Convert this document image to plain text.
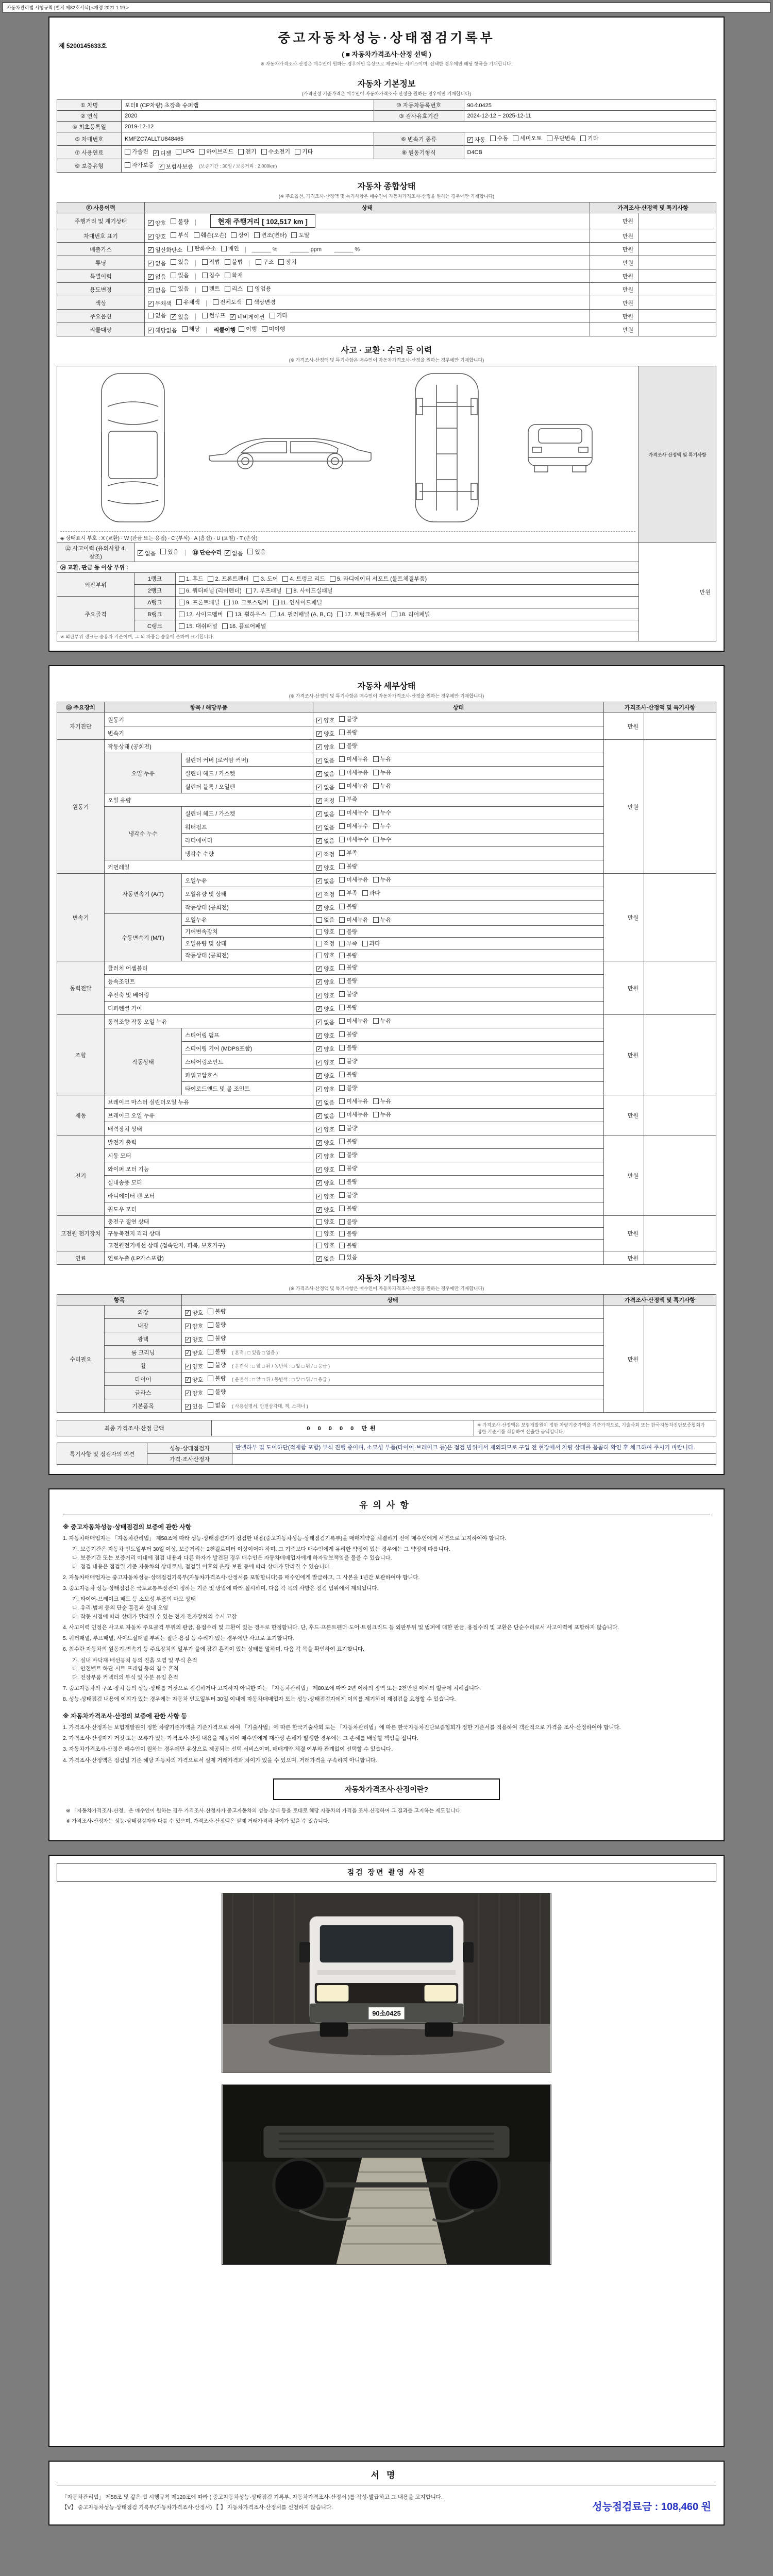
자동차관리법 시행규칙 [별지 제82호서식] <개정 2021.1.19.>
제 5200145633호
중고자동차성능·상태점검기록부
( ■ 자동차가격조사·산정 선택 )
※ 자동차가격조사·산정은 매수인이 원하는 경우에만 유상으로 제공되는 서비스이며, 선택한 경우에만 해당 항목을 기재합니다.
자동차 기본정보
(가격산정 기준가격은 매수인이 자동차가격조사·산정을 원하는 경우에만 기재합니다)
① 차명	포터Ⅱ (CP차량) 초장축 슈퍼캡	⑩ 자동차등록번호	90소0425
② 연식	2020	③ 검사유효기간	2024-12-12 ~ 2025-12-11
④ 최초등록일	2019-12-12		
⑤ 차대번호	KMFZC7ALLTU848465	⑥ 변속기 종류	✓ 자동 수동 세미오토 무단변속 기타

⑦ 사용연료	가솔린 ✓ 디젤 LPG 하이브리드 전기 수소전기 기타	⑧ 원동기형식	D4CB
⑨ 보증유형	자가보증 ✓ 보험사보증 (보증기간 : 30일 / 보증거리 : 2,000km)		
자동차 종합상태
(※ 주요옵션, 가격조사·산정액 및 특기사항은 매수인이 자동차가격조사·산정을 원하는 경우에만 기재합니다)
⑪ 사용이력	상태	가격조사·산정액 및 특기사항	
주행거리 및 계기상태	✓ 양호 불량 현재 주행거리 [ 102,517 km ]	만원	
차대번호 표기	✓ 양호 부식 훼손(오손) 상이 변조(변타) 도말	만원	
배출가스	✓ 일산화탄소 탄화수소 매연 ______ %        ______ ppm        ______ %	만원	
튜닝	✓ 없음 있음	적법 불법	구조 장치	만원	
특별이력	✓ 없음 있음 침수 화재	만원	
용도변경	✓ 없음 있음	렌트 리스 영업용	만원	
색상	✓ 무채색 유채색 전체도색 색상변경	만원	
주요옵션	없음 ✓ 있음	썬루프 ✓ 네비게이션 기타	만원	
리콜대상	✓ 해당없음 해당 리콜이행 이행 미이행	만원	
사고 · 교환 · 수리 등 이력
(※ 가격조사·산정액 및 특기사항은 매수인이 자동차가격조사·산정을 원하는 경우에만 기재합니다)
◈ 상태표시 부호 : X (교환) · W (판금 또는 용접) · C (부식) · A (흠집) · U (요철) · T (손상)			가격조사·산정액 및 특기사항
⑫ 사고이력 (유의사항 4. 참조)	
✓ 없음 있음 ⑬ 단순수리 ✓ 없음 있음
	만원
⑭ 교환, 판금 등 이상 부위 :			
외판부위	1랭크	1. 후드 2. 프론트펜더 3. 도어 4. 트렁크 리드 5. 라디에이터 서포트 (볼트체결부품)	

	2랭크	6. 쿼터패널 (리어펜더) 7. 루프패널 8. 사이드실패널	

주요골격	A랭크	9. 프론트패널 10. 크로스멤버 11. 인사이드패널	

	B랭크	12. 사이드멤버 13. 휠하우스 14. 필러패널 (A, B, C) 17. 트렁크플로어 18. 리어패널	

	C랭크	15. 대쉬패널 16. 플로어패널	

※ 외판부위 랭크는 승용차 기준이며, 그 외 차종은 승용에 준하여 표기합니다.			
자동차 세부상태
(※ 가격조사·산정액 및 특기사항은 매수인이 자동차가격조사·산정을 원하는 경우에만 기재합니다)
⑮ 주요장치	항목 / 해당부품		상태	가격조사·산정액 및 특기사항	
자기진단	원동기		✓ 양호 불량	만원	
	변속기		✓ 양호 불량		

원동기	작동상태 (공회전)		✓ 양호 불량	만원	
	오일 누유	실린더 커버 (로커암 커버)	✓ 없음 미세누유 누유		

		실린더 헤드 / 가스켓	✓ 없음 미세누유 누유		

		실린더 블록 / 오일팬	✓ 없음 미세누유 누유		

	오일 유량		✓ 적정 부족		

	냉각수 누수	실린더 헤드 / 가스켓	✓ 없음 미세누수 누수		

		워터펌프	✓ 없음 미세누수 누수		

		라디에이터	✓ 없음 미세누수 누수		

		냉각수 수량	✓ 적정 부족		

	커먼레일		✓ 양호 불량		

변속기	자동변속기 (A/T)	오일누유	✓ 없음 미세누유 누유	만원	
		오일유량 및 상태	✓ 적정 부족 과다		

		작동상태 (공회전)	✓ 양호 불량		

	수동변속기 (M/T)	오일누유	없음 미세누유 누유		

		기어변속장치	양호 불량		

		오일유량 및 상태	적정 부족 과다		

		작동상태 (공회전)	양호 불량		

동력전달	클러치 어셈블리		✓ 양호 불량	만원	
	등속조인트		✓ 양호 불량		

	추진축 및 베어링		✓ 양호 불량		

	디퍼렌셜 기어		✓ 양호 불량		

조향	동력조향 작동 오일 누유		✓ 없음 미세누유 누유	만원	
	작동상태	스티어링 펌프	✓ 양호 불량		

		스티어링 기어 (MDPS포함)	✓ 양호 불량		

		스티어링조인트	✓ 양호 불량		

		파워고압호스	✓ 양호 불량		

		타이로드엔드 및 볼 조인트	✓ 양호 불량		

제동	브레이크 마스터 실린더오일 누유		✓ 없음 미세누유 누유	만원	
	브레이크 오일 누유		✓ 없음 미세누유 누유		

	배력장치 상태		✓ 양호 불량		

전기	발전기 출력		✓ 양호 불량	만원	
	시동 모터		✓ 양호 불량		

	와이퍼 모터 기능		✓ 양호 불량		

	실내송풍 모터		✓ 양호 불량		

	라디에이터 팬 모터		✓ 양호 불량		

	윈도우 모터		✓ 양호 불량		

고전원 전기장치	충전구 절연 상태		양호 불량	만원	
	구동축전지 격리 상태		양호 불량		

	고전원전기배선 상태 (접속단자, 피복, 보호기구)		양호 불량		

연료	연료누출 (LP가스포함)		✓ 없음 있음	만원	
자동차 기타정보
(※ 가격조사·산정액 및 특기사항은 매수인이 자동차가격조사·산정을 원하는 경우에만 기재합니다)
항목		상태	가격조사·산정액 및 특기사항	
수리필요	외장	✓ 양호 불량	만원	
	내장	✓ 양호 불량		

	광택	✓ 양호 불량		

	룸 크리닝	✓ 양호 불량 ( 흔적 : □ 있음 □ 없음 )		
	휠	✓ 양호 불량 ( 운전석 : □ 앞 □ 뒤 / 동반석 : □ 앞 □ 뒤 / □ 응급 )		
	타이어	✓ 양호 불량 ( 운전석 : □ 앞 □ 뒤 / 동반석 : □ 앞 □ 뒤 / □ 응급 )		
	글라스	✓ 양호 불량		

	기본품목	✓ 있음 없음 ( 사용설명서, 안전삼각대, 잭, 스패너 )		
최종 가격조사·산정 금액	0 0 0 0 0 만원	※ 가격조사·산정액은 보험개발원이 정한 차량기준가액을 기준가격으로, 기술사회 또는 한국자동차진단보증협회가 정한 기준서를 적용하여 산출한 금액입니다.
특기사항 및 점검자의 의견	성능·상태점검자	판넬하부 및 도어하단(적재함 포함) 부식 진행 중이며, 소모성 부품(타이어·브레이크 등)은 점검 범위에서 제외되므로 구입 전 현장에서 차량 상태를 꼼꼼히 확인 후 체크하여 주시기 바랍니다.
	가격·조사산정자	
유의사항
※ 중고자동차성능·상태점검의 보증에 관한 사항
1. 자동차매매업자는 「자동차관리법」 제58조에 따라 성능·상태점검자가 점검한 내용(중고자동차성능·상태점검기록부)을 매매계약을 체결하기 전에 매수인에게 서면으로 고지하여야 합니다.
가. 보증기간은 자동차 인도일부터 30일 이상, 보증거리는 2천킬로미터 이상이어야 하며, 그 기준보다 매수인에게 유리한 약정이 있는 경우에는 그 약정에 따릅니다.
나. 보증기간 또는 보증거리 이내에 점검 내용과 다른 하자가 발견된 경우 매수인은 자동차매매업자에게 하자담보책임을 물을 수 있습니다.
다. 점검 내용은 점검일 기준 자동차의 상태로서, 점검일 이후의 운행·보관 등에 따라 상태가 달라질 수 있습니다.
2. 자동차매매업자는 중고자동차성능·상태점검기록부(자동차가격조사·산정서를 포함합니다)를 매수인에게 발급하고, 그 사본을 1년간 보관하여야 합니다.
3. 중고자동차 성능·상태점검은 국토교통부장관이 정하는 기준 및 방법에 따라 실시하며, 다음 각 목의 사항은 점검 범위에서 제외됩니다.
가. 타이어·브레이크 패드 등 소모성 부품의 마모 상태
나. 유리·범퍼 등의 단순 흠집과 실내 오염
다. 작동 시점에 따라 상태가 달라질 수 있는 전기·전자장치의 수시 고장
4. 사고이력 인정은 사고로 자동차 주요골격 부위의 판금, 용접수리 및 교환이 있는 경우로 한정합니다. 단, 후드·프론트펜더·도어·트렁크리드 등 외판부위 및 범퍼에 대한 판금, 용접수리 및 교환은 단순수리로서 사고이력에 포함하지 않습니다.
5. 쿼터패널, 루프패널, 사이드실패널 부위는 절단·용접 등 수리가 있는 경우에만 사고로 표기합니다.
6. 침수란 자동차의 원동기·변속기 등 주요장치의 일부가 물에 잠긴 흔적이 있는 상태를 말하며, 다음 각 목을 확인하여 표기합니다.
가. 실내 바닥재·배선뭉치 등의 진흙 오염 및 부식 흔적
나. 안전벨트 하단·시트 프레임 등의 침수 흔적
다. 전장부품 커넥터의 부식 및 수분 유입 흔적
7. 중고자동차의 구조·장치 등의 성능·상태를 거짓으로 점검하거나 고지하지 아니한 자는 「자동차관리법」 제80조에 따라 2년 이하의 징역 또는 2천만원 이하의 벌금에 처해집니다.
8. 성능·상태점검 내용에 이의가 있는 경우에는 자동차 인도일부터 30일 이내에 자동차매매업자 또는 성능·상태점검자에게 이의를 제기하여 재점검을 요청할 수 있습니다.
※ 자동차가격조사·산정의 보증에 관한 사항 등
1. 가격조사·산정자는 보험개발원이 정한 차량기준가액을 기준가격으로 하여 「기술사법」에 따른 한국기술사회 또는 「자동차관리법」에 따른 한국자동차진단보증협회가 정한 기준서를 적용하여 객관적으로 가격을 조사·산정하여야 합니다.
2. 가격조사·산정자가 거짓 또는 오류가 있는 가격조사·산정 내용을 제공하여 매수인에게 재산상 손해가 발생한 경우에는 그 손해를 배상할 책임을 집니다.
3. 자동차가격조사·산정은 매수인이 원하는 경우에만 유상으로 제공되는 선택 서비스이며, 매매계약 체결 여부와 관계없이 선택할 수 있습니다.
4. 가격조사·산정액은 점검일 기준 해당 자동차의 가격으로서 실제 거래가격과 차이가 있을 수 있으며, 거래가격을 구속하지 아니합니다.
자동차가격조사·산정이란?
※ 「자동차가격조사·산정」은 매수인이 원하는 경우 가격조사·산정자가 중고자동차의 성능·상태 등을 토대로 해당 자동차의 가격을 조사·산정하여 그 결과를 고지하는 제도입니다.
※ 가격조사·산정자는 성능·상태점검자와 다를 수 있으며, 가격조사·산정액은 실제 거래가격과 차이가 있을 수 있습니다.
점검 장면 촬영 사진
90소0425
서명
「자동차관리법」 제58조 및 같은 법 시행규칙 제120조에 따라 ( 중고자동차성능·상태점검 기록부, 자동차가격조사·산정서 )를 작성·발급하고 그 내용을 고지합니다.
【V】 중고자동차성능·상태점검 기록부(자동차가격조사·산정서) 【 】 자동차가격조사·산정서를 신청하지 않습니다.	성능점검료금 : 108,460 원
